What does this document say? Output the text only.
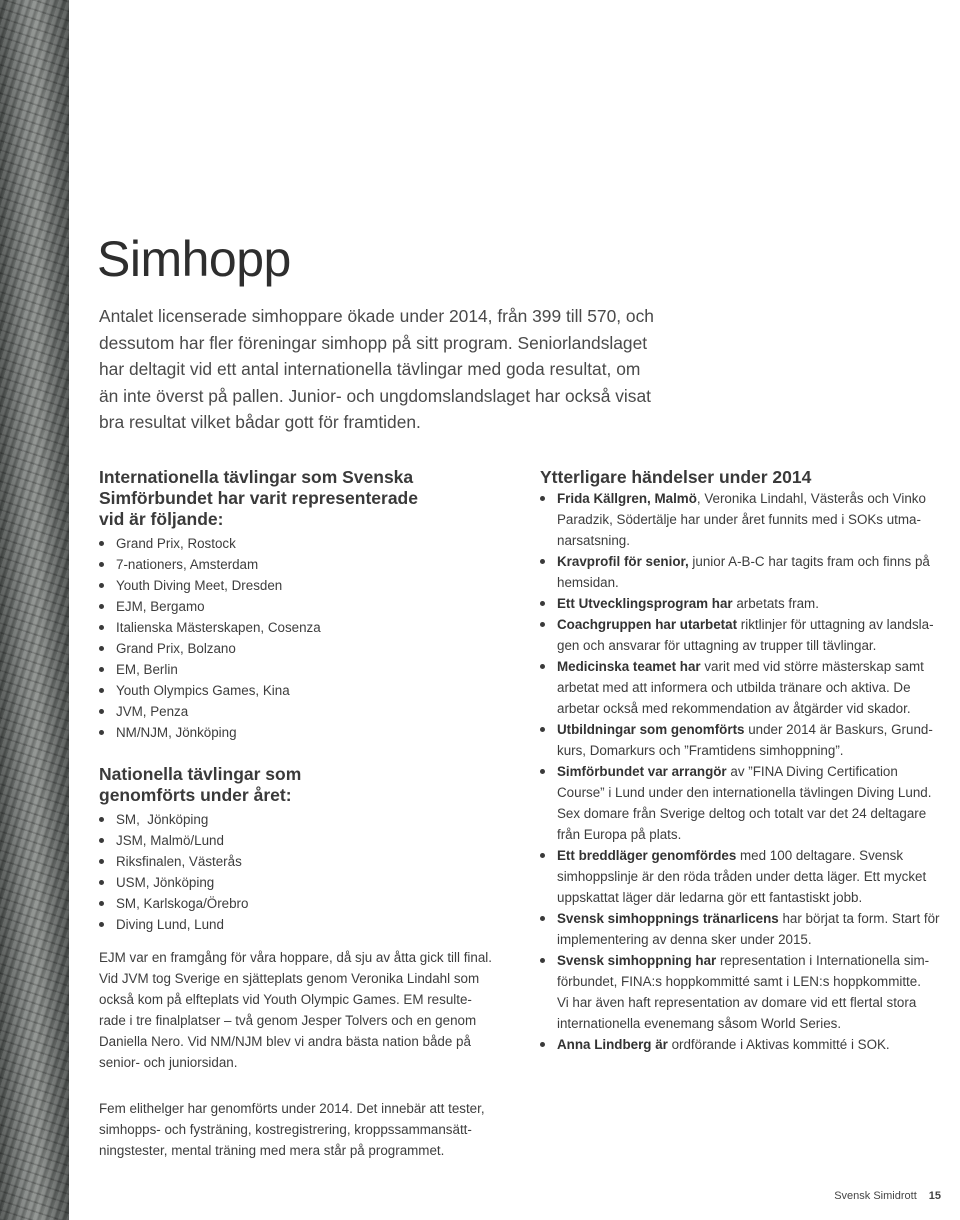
Simhopp

Antalet licenserade simhoppare ökade under 2014, från 399 till 570, och
dessutom har fler föreningar simhopp på sitt program. Seniorlandslaget
har deltagit vid ett antal internationella tävlingar med goda resultat, om
än inte överst på pallen. Junior- och ungdomslandslaget har också visat
bra resultat vilket bådar gott för framtiden.

Internationella tävlingar som Svenska
Simförbundet har varit representerade
vid är följande:
Grand Prix, Rostock
7-nationers, Amsterdam
Youth Diving Meet, Dresden
EJM, Bergamo
Italienska Mästerskapen, Cosenza
Grand Prix, Bolzano
EM, Berlin
Youth Olympics Games, Kina
JVM, Penza
NM/NJM, Jönköping
Nationella tävlingar som
genomförts under året:
SM,  Jönköping
JSM, Malmö/Lund
Riksfinalen, Västerås
USM, Jönköping
SM, Karlskoga/Örebro
Diving Lund, Lund
EJM var en framgång för våra hoppare, då sju av åtta gick till final.
Vid JVM tog Sverige en sjätteplats genom Veronika Lindahl som
också kom på elfteplats vid Youth Olympic Games. EM resulte-
rade i tre finalplatser – två genom Jesper Tolvers och en genom
Daniella Nero. Vid NM/NJM blev vi andra bästa nation både på
senior- och juniorsidan.
Ytterligare händelser under 2014
Frida Källgren, Malmö, Veronika Lindahl, Västerås och Vinko
Paradzik, Södertälje har under året funnits med i SOKs utma-
narsatsning.
Kravprofil för senior, junior A-B-C har tagits fram och finns på
hemsidan.
Ett Utvecklingsprogram har arbetats fram.
Coachgruppen har utarbetat riktlinjer för uttagning av landsla-
gen och ansvarar för uttagning av trupper till tävlingar.
Medicinska teamet har varit med vid större mästerskap samt
arbetat med att informera och utbilda tränare och aktiva. De
arbetar också med rekommendation av åtgärder vid skador.
Utbildningar som genomförts under 2014 är Baskurs, Grund-
kurs, Domarkurs och ”Framtidens simhoppning”.
Simförbundet var arrangör av ”FINA Diving Certification
Course” i Lund under den internationella tävlingen Diving Lund.
Sex domare från Sverige deltog och totalt var det 24 deltagare
från Europa på plats.
Ett breddläger genomfördes med 100 deltagare. Svensk
simhoppslinje är den röda tråden under detta läger. Ett mycket
uppskattat läger där ledarna gör ett fantastiskt jobb.
Svensk simhoppnings tränarlicens har börjat ta form. Start för
implementering av denna sker under 2015.
Svensk simhoppning har representation i Internationella sim-
förbundet, FINA:s hoppkommitté samt i LEN:s hoppkommitte.
Vi har även haft representation av domare vid ett flertal stora
internationella evenemang såsom World Series.
Anna Lindberg är ordförande i Aktivas kommitté i SOK.
Fem elithelger har genomförts under 2014. Det innebär att tester,
simhopps- och fysträning, kostregistrering, kroppssammansätt-
ningstester, mental träning med mera står på programmet.
Svensk Simidrott 15
